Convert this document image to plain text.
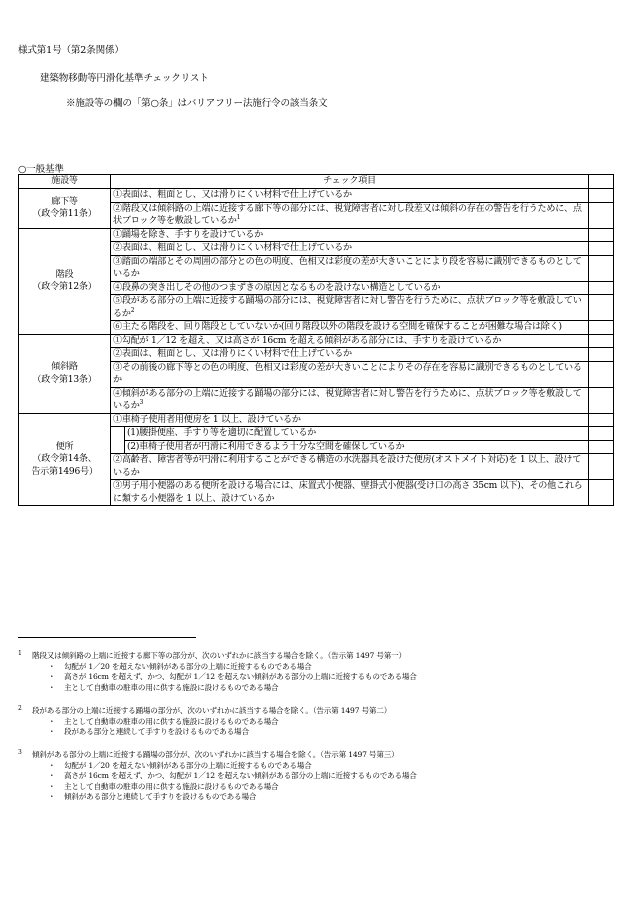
様式第1号（第2条関係）
建築物移動等円滑化基準チェックリスト
※施設等の欄の「第○条」はバリアフリー法施行令の該当条文
○一般基準
施設等	チェック項目		

廊下等
（政令第11条）	①表面は、粗面とし、又は滑りにくい材料で仕上げているか		
	②階段又は傾斜路の上端に近接する廊下等の部分には、視覚障害者に対し段差又は傾斜の存在の警告を行うために、点状ブロック等を敷設しているか$^1$	

階段
（政令第12条）	①踊場を除き、手すりを設けているか		
	②表面は、粗面とし、又は滑りにくい材料で仕上げているか		
	③踏面の端部とその周囲の部分との色の明度、色相又は彩度の差が大きいことにより段を容易に識別できるものとしているか		
	④段鼻の突き出しその他のつまずきの原因となるものを設けない構造としているか		
	⑤段がある部分の上端に近接する踊場の部分には、視覚障害者に対し警告を行うために、点状ブロック等を敷設しているか$^2$	
	⑥主たる階段を、回り階段としていないか(回り階段以外の階段を設ける空間を確保することが困難な場合は除く)		

傾斜路
（政令第13条）	①勾配が 1／12 を超え、又は高さが 16cm を超える傾斜がある部分には、手すりを設けているか		
	②表面は、粗面とし、又は滑りにくい材料で仕上げているか		
	③その前後の廊下等との色の明度、色相又は彩度の差が大きいことによりその存在を容易に識別できるものとしているか		
	④傾斜がある部分の上端に近接する踊場の部分には、視覚障害者に対し警告を行うために、点状ブロック等を敷設しているか$^3$	

便所
（政令第14条、
告示第1496号）	①車椅子使用者用便房を 1 以上、設けているか		
		(1)腰掛便座、手すり等を適切に配置しているか	
		(2)車椅子使用者が円滑に利用できるよう十分な空間を確保しているか	
	②高齢者、障害者等が円滑に利用することができる構造の水洗器具を設けた便房(オストメイト対応)を 1 以上、設けているか		
	③男子用小便器のある便所を設ける場合には、床置式小便器、壁掛式小便器(受け口の高さ 35cm 以下)、その他これらに類する小便器を 1 以上、設けているか		
1	階段又は傾斜路の上端に近接する廊下等の部分が、次のいずれかに該当する場合を除く。（告示第 1497 号第一）
・ 勾配が 1／20 を超えない傾斜がある部分の上端に近接するものである場合
・ 高さが 16cm を超えず、かつ、勾配が 1／12 を超えない傾斜がある部分の上端に近接するものである場合
・ 主として自動車の駐車の用に供する施設に設けるものである場合
2	段がある部分の上端に近接する踊場の部分が、次のいずれかに該当する場合を除く。（告示第 1497 号第二）
・ 主として自動車の駐車の用に供する施設に設けるものである場合
・ 段がある部分と連続して手すりを設けるものである場合
3	傾斜がある部分の上端に近接する踊場の部分が、次のいずれかに該当する場合を除く。（告示第 1497 号第三）
・ 勾配が 1／20 を超えない傾斜がある部分の上端に近接するものである場合
・ 高さが 16cm を超えず、かつ、勾配が 1／12 を超えない傾斜がある部分の上端に近接するものである場合
・ 主として自動車の駐車の用に供する施設に設けるものである場合
・ 傾斜がある部分と連続して手すりを設けるものである場合
